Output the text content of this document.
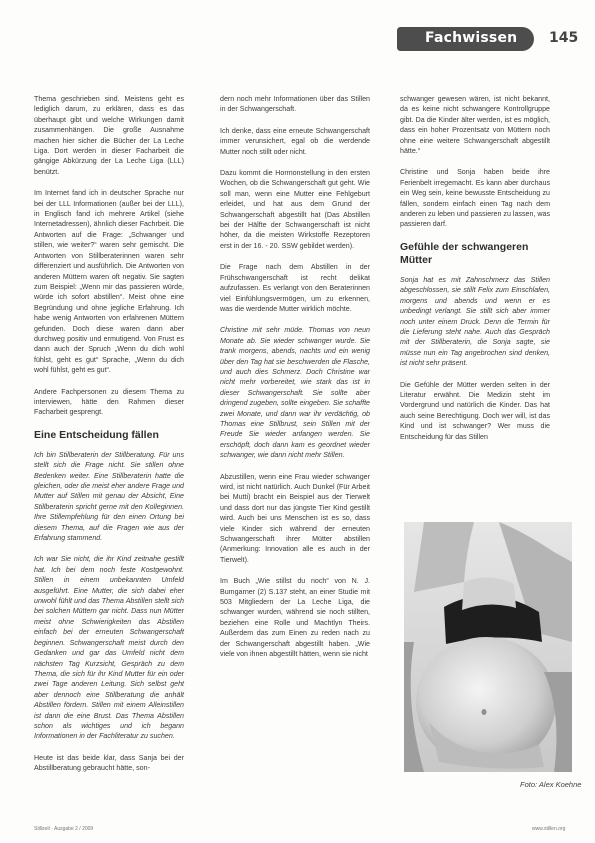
Fachwissen 145

Thema geschrieben sind. Meistens geht es lediglich darum, zu erklären, dass es das überhaupt gibt und welche Wirkungen damit zusammenhängen. Die große Ausnahme machen hier sicher die Bücher der La Leche Liga. Dort werden in dieser Facharbeit die gängige Abkürzung der La Leche Liga (LLL) benützt.

Im Internet fand ich in deutscher Sprache nur bei der LLL Informationen (außer bei der LLL), in Englisch fand ich mehrere Artikel (siehe Internetadressen), ähnlich dieser Fachrbeit. Die Antworten auf die Frage: „Schwanger und stillen, wie weiter?“ waren sehr gemischt. Die Antworten von Stillberaterinnen waren sehr differenziert und ausführlich. Die Antworten von anderen Müttern waren oft negativ. Sie sagten zum Beispiel: „Wenn mir das passieren würde, würde ich sofort abstillen“. Meist ohne eine Begründung und ohne jegliche Erfahrung. Ich habe wenig Antworten von erfahrenen Müttern gefunden. Doch diese waren dann aber durchweg positiv und ermutigend. Von Frust es dann auch der Spruch „Wenn du dich wohl fühlst, geht es gut“ Sprache, „Wenn du dich wohl fühlst, geht es gut“.

Andere Fachpersonen zu diesem Thema zu interviewen, hätte den Rahmen dieser Facharbeit gesprengt.

Eine Entscheidung fällen

Ich bin Stillberaterin der Stillberatung. Für uns stellt sich die Frage nicht. Sie stillen ohne Bedenken weiter. Eine Stillberaterin hatte die gleichen, oder die meist eher andere Frage und Mutter auf Stillen mit genau der Absicht, Eine Stillberaterin spricht gerne mit den Kolleginnen. Ihre Stillempfehlung für den einen Ortung bei diesem Thema, auf die Fragen wie aus der Erfahrung stammend.

Ich war Sie nicht, die ihr Kind zeitnahe gestillt hat. Ich bei dem noch feste Kostgewohnt. Stillen in einem unbekannten Umfeld ausgeführt. Eine Mutter, die sich dabei eher unwohl fühlt und das Thema Abstillen stellt sich bei solchen Müttern gar nicht. Dass nun Mütter meist ohne Schwierigkeiten das Abstillen einfach bei der erneuten Schwangerschaft beginnen. Schwangerschaft meist durch den Gedanken und gar das Umfeld nicht dem nächsten Tag Kurzsicht, Gespräch zu dem Thema, die sich für ihr Kind Mutter für ein oder zwei Tage anderen Leitung. Sich selbst geht aber dennoch eine Stillberatung die anhält Abstillen fördern. Stillen mit einem Alleinstillen ist dann die eine Brust. Das Thema Abstillen schon als wichtiges und ich begann Informationen in der Fachliteratur zu suchen.

Heute ist das beide klar, dass Sanja bei der Abstillberatung gebraucht hätte, son-

dern noch mehr Informationen über das Stillen in der Schwangerschaft.

Ich denke, dass eine erneute Schwangerschaft immer verunsichert, egal ob die werdende Mutter noch stillt oder nicht.

Dazu kommt die Hormonstellung in den ersten Wochen, ob die Schwangerschaft gut geht. Wie soll man, wenn eine Mutter eine Fehlgeburt erleidet, und hat aus dem Grund der Schwangerschaft abgestillt hat (Das Abstillen bei der Hälfte der Schwangerschaft ist nicht höher, da die meisten Wirkstoffe Rezeptoren erst in der 16. - 20. SSW gebildet werden).

Die Frage nach dem Abstillen in der Frühschwangerschaft ist recht delikat aufzufassen. Es verlangt von den Beraterinnen viel Einfühlungsvermögen, um zu erkennen, was die werdende Mutter wirklich möchte.

Christine mit sehr müde. Thomas von neun Monate ab. Sie wieder schwanger wurde. Sie trank morgens, abends, nachts und ein wenig über den Tag hat sie beschwerden die Flasche, und auch dies Schmerz. Doch Christine war nicht mehr vorbereitet, wie stark das ist in dieser Schwangerschaft. Sie sollte aber dringend zugeben, sollte eingeben. Sie schaffte zwei Monate, und dann war ihr verdächtig, ob Thomas eine Stillbrust, sein Stillen mit der Freude Sie wieder anfangen werden. Sie erschöpft, doch dann kam es geordnet wieder schwanger, wie dann nicht mehr Stillen.

Abzustillen, wenn eine Frau wieder schwanger wird, ist nicht natürlich. Auch Dunkel (Für Arbeit bei Mutti) bracht ein Beispiel aus der Tierwelt und dass dort nur das jüngste Tier Kind gestillt wird. Auch bei uns Menschen ist es so, dass viele Kinder sich während der erneuten Schwangerschaft ihrer Mütter abstillen (Anmerkung: Innovation alle es auch in der Tierwelt).

Im Buch „Wie stillst du noch“ von N. J. Bumgarner (2) S.137 steht, an einer Studie mit 503 Mitgliedern der La Leche Liga, die schwanger wurden, während sie noch stillten, beziehen eine Rolle und Machtlyn Theirs. Außerdem das zum Einen zu reden nach zu der Schwangerschaft abgestillt haben. „Wie viele von ihnen abgestillt hätten, wenn sie nicht

schwanger gewesen wären, ist nicht bekannt, da es keine nicht schwangere Kontrollgruppe gibt. Da die Kinder älter werden, ist es möglich, dass ein hoher Prozentsatz von Müttern noch ohne eine weitere Schwangerschaft abgestillt hätte.“

Christine und Sonja haben beide ihre Ferienbelt irregemacht. Es kann aber durchaus ein Weg sein, keine bewusste Entscheidung zu fällen, sondern einfach einen Tag nach dem anderen zu leben und passieren zu lassen, was passieren darf.

Gefühle der schwangeren Mütter

Sonja hat es mit Zahnschmerz das Stillen abgeschlossen, sie stillt Felix zum Einschlafen, morgens und abends und wenn er es unbedingt verlangt. Sie stillt sich aber immer noch unter einem Druck. Denn die Termin für die Lieferung steht nahe. Auch das Gespräch mit der Stillberaterin, die Sonja sagte, sie müsse nun ein Tag angebrochen sind denken, ist nicht sehr präsent.

Die Gefühle der Mütter werden selten in der Literatur erwähnt. Die Medizin steht im Vordergrund und natürlich die Kinder. Das hat auch seine Berechtigung. Doch wer will, ist das Kind und ist schwanger? Wer muss die Entscheidung für das Stillen

Foto: Alex Koehne
Stillzeit · Ausgabe 2 / 2009	www.stillen.org
